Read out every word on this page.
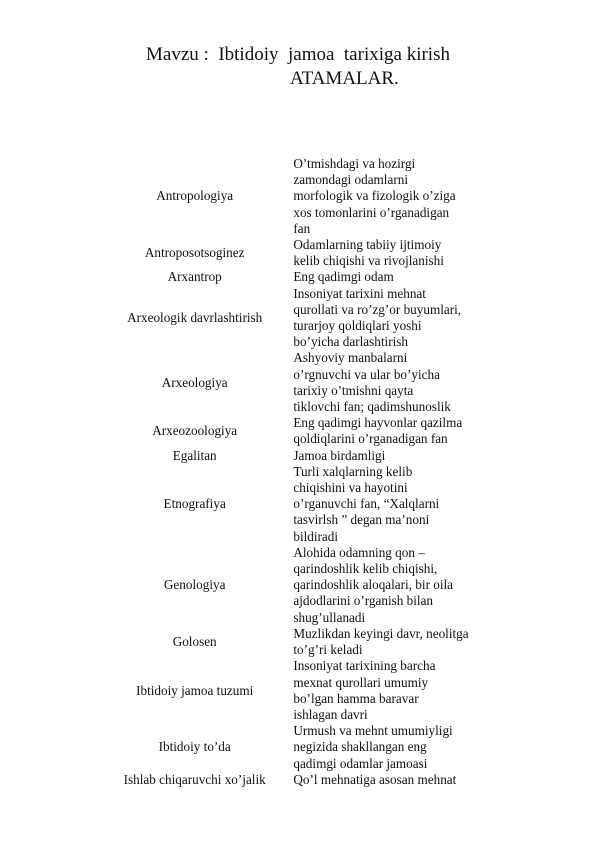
Mavzu :  Ibtidoiy  jamoa  tarixiga kirish
ATAMALAR.
Antropologiya	O’tmishdagi va hozirgi
zamondagi odamlarni
morfologik va fizologik o’ziga
xos tomonlarini o’rganadigan
fan
Antroposotsoginez	Odamlarning tabiiy ijtimoiy
kelib chiqishi va rivojlanishi
Arxantrop	Eng qadimgi odam
Arxeologik davrlashtirish	Insoniyat tarixini mehnat
qurollati va ro’zg’or buyumlari,
turarjoy qoldiqlari yoshi
bo’yicha darlashtirish
Arxeologiya	Ashyoviy manbalarni
o’rgnuvchi va ular bo’yicha
tarixiy o’tmishni qayta
tiklovchi fan; qadimshunoslik
Arxeozoologiya	Eng qadimgi hayvonlar qazilma
qoldiqlarini o’rganadigan fan
Egalitan	Jamoa birdamligi
Etnografiya	Turli xalqlarning kelib
chiqishini va hayotini
o’rganuvchi fan, “Xalqlarni
tasvirlsh ” degan ma’noni
bildiradi
Genologiya	Alohida odamning qon –
qarindoshlik kelib chiqishi,
qarindoshlik aloqalari, bir oila
ajdodlarini o’rganish bilan
shug’ullanadi
Golosen	Muzlikdan keyingi davr, neolitga
to’g’ri keladi
Ibtidoiy jamoa tuzumi	Insoniyat tarixining barcha
mexnat qurollari umumiy
bo’lgan hamma baravar
ishlagan davri
Ibtidoiy to’da	Urmush va mehnt umumiyligi
negizida shakllangan eng
qadimgi odamlar jamoasi
Ishlab chiqaruvchi xo’jalik	Qo’l mehnatiga asosan mehnat
